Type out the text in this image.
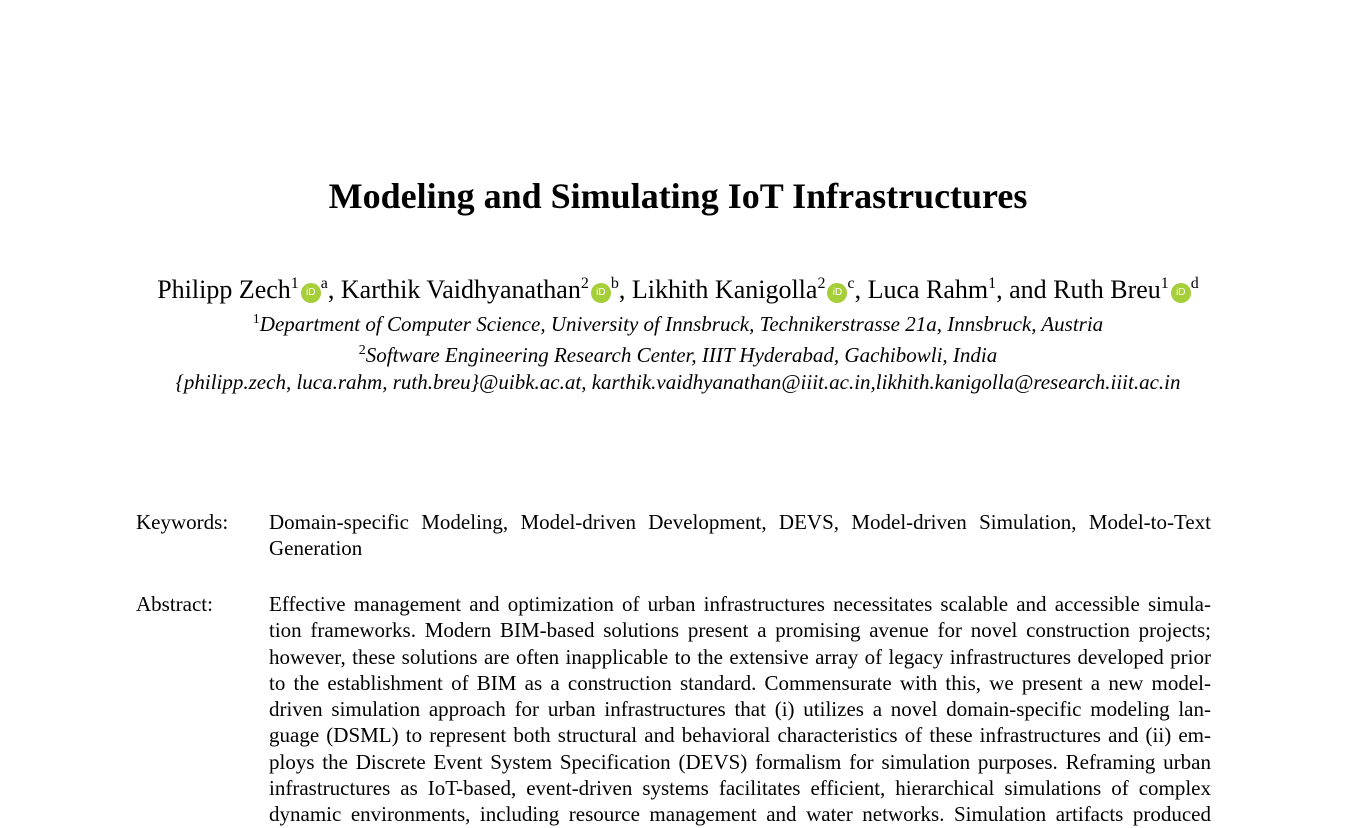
Modeling and Simulating IoT Infrastructures
Philipp $Zech^1iD^a$, Karthik $Vaidhyanathan^2iD^b$, Likhith $Kanigolla^2iD^c$, Luca Rahm$^1$, and Ruth $Breu^1iD^d$
$^1$Department of Computer Science, University of Innsbruck, Technikerstrasse 21a, Innsbruck, Austria
$^2$Software Engineering Research Center, IIIT Hyderabad, Gachibowli, India
{philipp.zech, luca.rahm, ruth.breu}@uibk.ac.at, karthik.vaidhyanathan@iiit.ac.in,likhith.kanigolla@research.iiit.ac.in
Keywords: Domain-specific Modeling, Model-driven Development, DEVS, Model-driven Simulation, Model-to-Text
Generation
Abstract:	Effective management and optimization of urban infrastructures necessitates scalable and accessible simula-
tion frameworks. Modern BIM-based solutions present a promising avenue for novel construction projects;
however, these solutions are often inapplicable to the extensive array of legacy infrastructures developed prior
to the establishment of BIM as a construction standard. Commensurate with this, we present a new model-
driven simulation approach for urban infrastructures that (i) utilizes a novel domain-specific modeling lan-
guage (DSML) to represent both structural and behavioral characteristics of these infrastructures and (ii) em-
ploys the Discrete Event System Specification (DEVS) formalism for simulation purposes. Reframing urban
infrastructures as IoT-based, event-driven systems facilitates efficient, hierarchical simulations of complex
dynamic environments, including resource management and water networks. Simulation artifacts produced
